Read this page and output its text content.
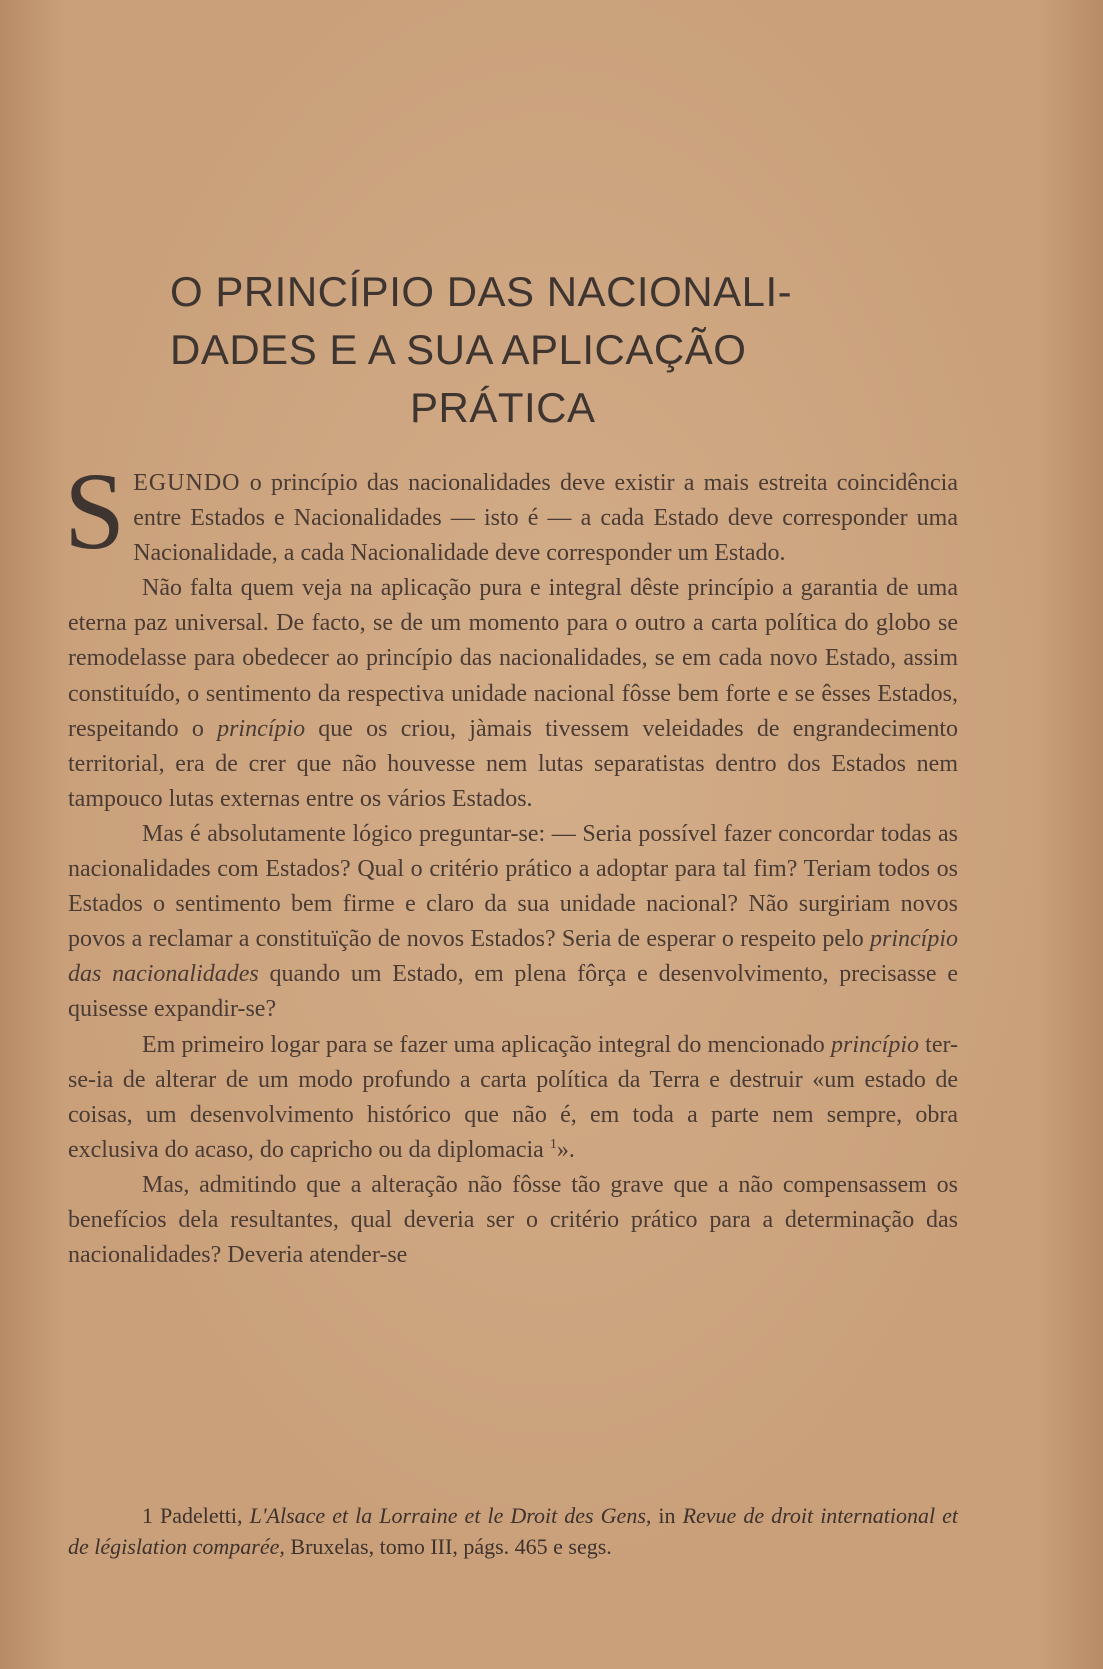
O PRINCÍPIO DAS NACIONALI-
DADES E A SUA APLICAÇÃO
PRÁTICA

SEGUNDO o princípio das nacionalidades deve existir a mais estreita coincidência entre Estados e Nacionalidades — isto é — a cada Estado deve corresponder uma Nacionalidade, a cada Nacionalidade deve corresponder um Estado.

Não falta quem veja na aplicação pura e integral dêste princípio a garantia de uma eterna paz universal. De facto, se de um momento para o outro a carta política do globo se remodelasse para obedecer ao princípio das nacionalidades, se em cada novo Estado, assim constituído, o sentimento da respectiva unidade nacional fôsse bem forte e se êsses Estados, respeitando o princípio que os criou, jàmais tivessem veleidades de engrandecimento territorial, era de crer que não houvesse nem lutas separatistas dentro dos Estados nem tampouco lutas externas entre os vários Estados.

Mas é absolutamente lógico preguntar-se: — Seria possível fazer concordar todas as nacionalidades com Estados? Qual o critério prático a adoptar para tal fim? Teriam todos os Estados o sentimento bem firme e claro da sua unidade nacional? Não surgiriam novos povos a reclamar a constituïção de novos Estados? Seria de esperar o respeito pelo princípio das nacionalidades quando um Estado, em plena fôrça e desenvolvimento, precisasse e quisesse expandir-se?

Em primeiro logar para se fazer uma aplicação integral do mencionado princípio ter-se-ia de alterar de um modo profundo a carta política da Terra e destruir «um estado de coisas, um desenvolvimento histórico que não é, em toda a parte nem sempre, obra exclusiva do acaso, do capricho ou da diplomacia $^1$».

Mas, admitindo que a alteração não fôsse tão grave que a não compensassem os benefícios dela resultantes, qual deveria ser o critério prático para a determinação das nacionalidades? Deveria atender-se

1 Padeletti, L'Alsace et la Lorraine et le Droit des Gens, in Revue de droit international et de législation comparée, Bruxelas, tomo III, págs. 465 e segs.
